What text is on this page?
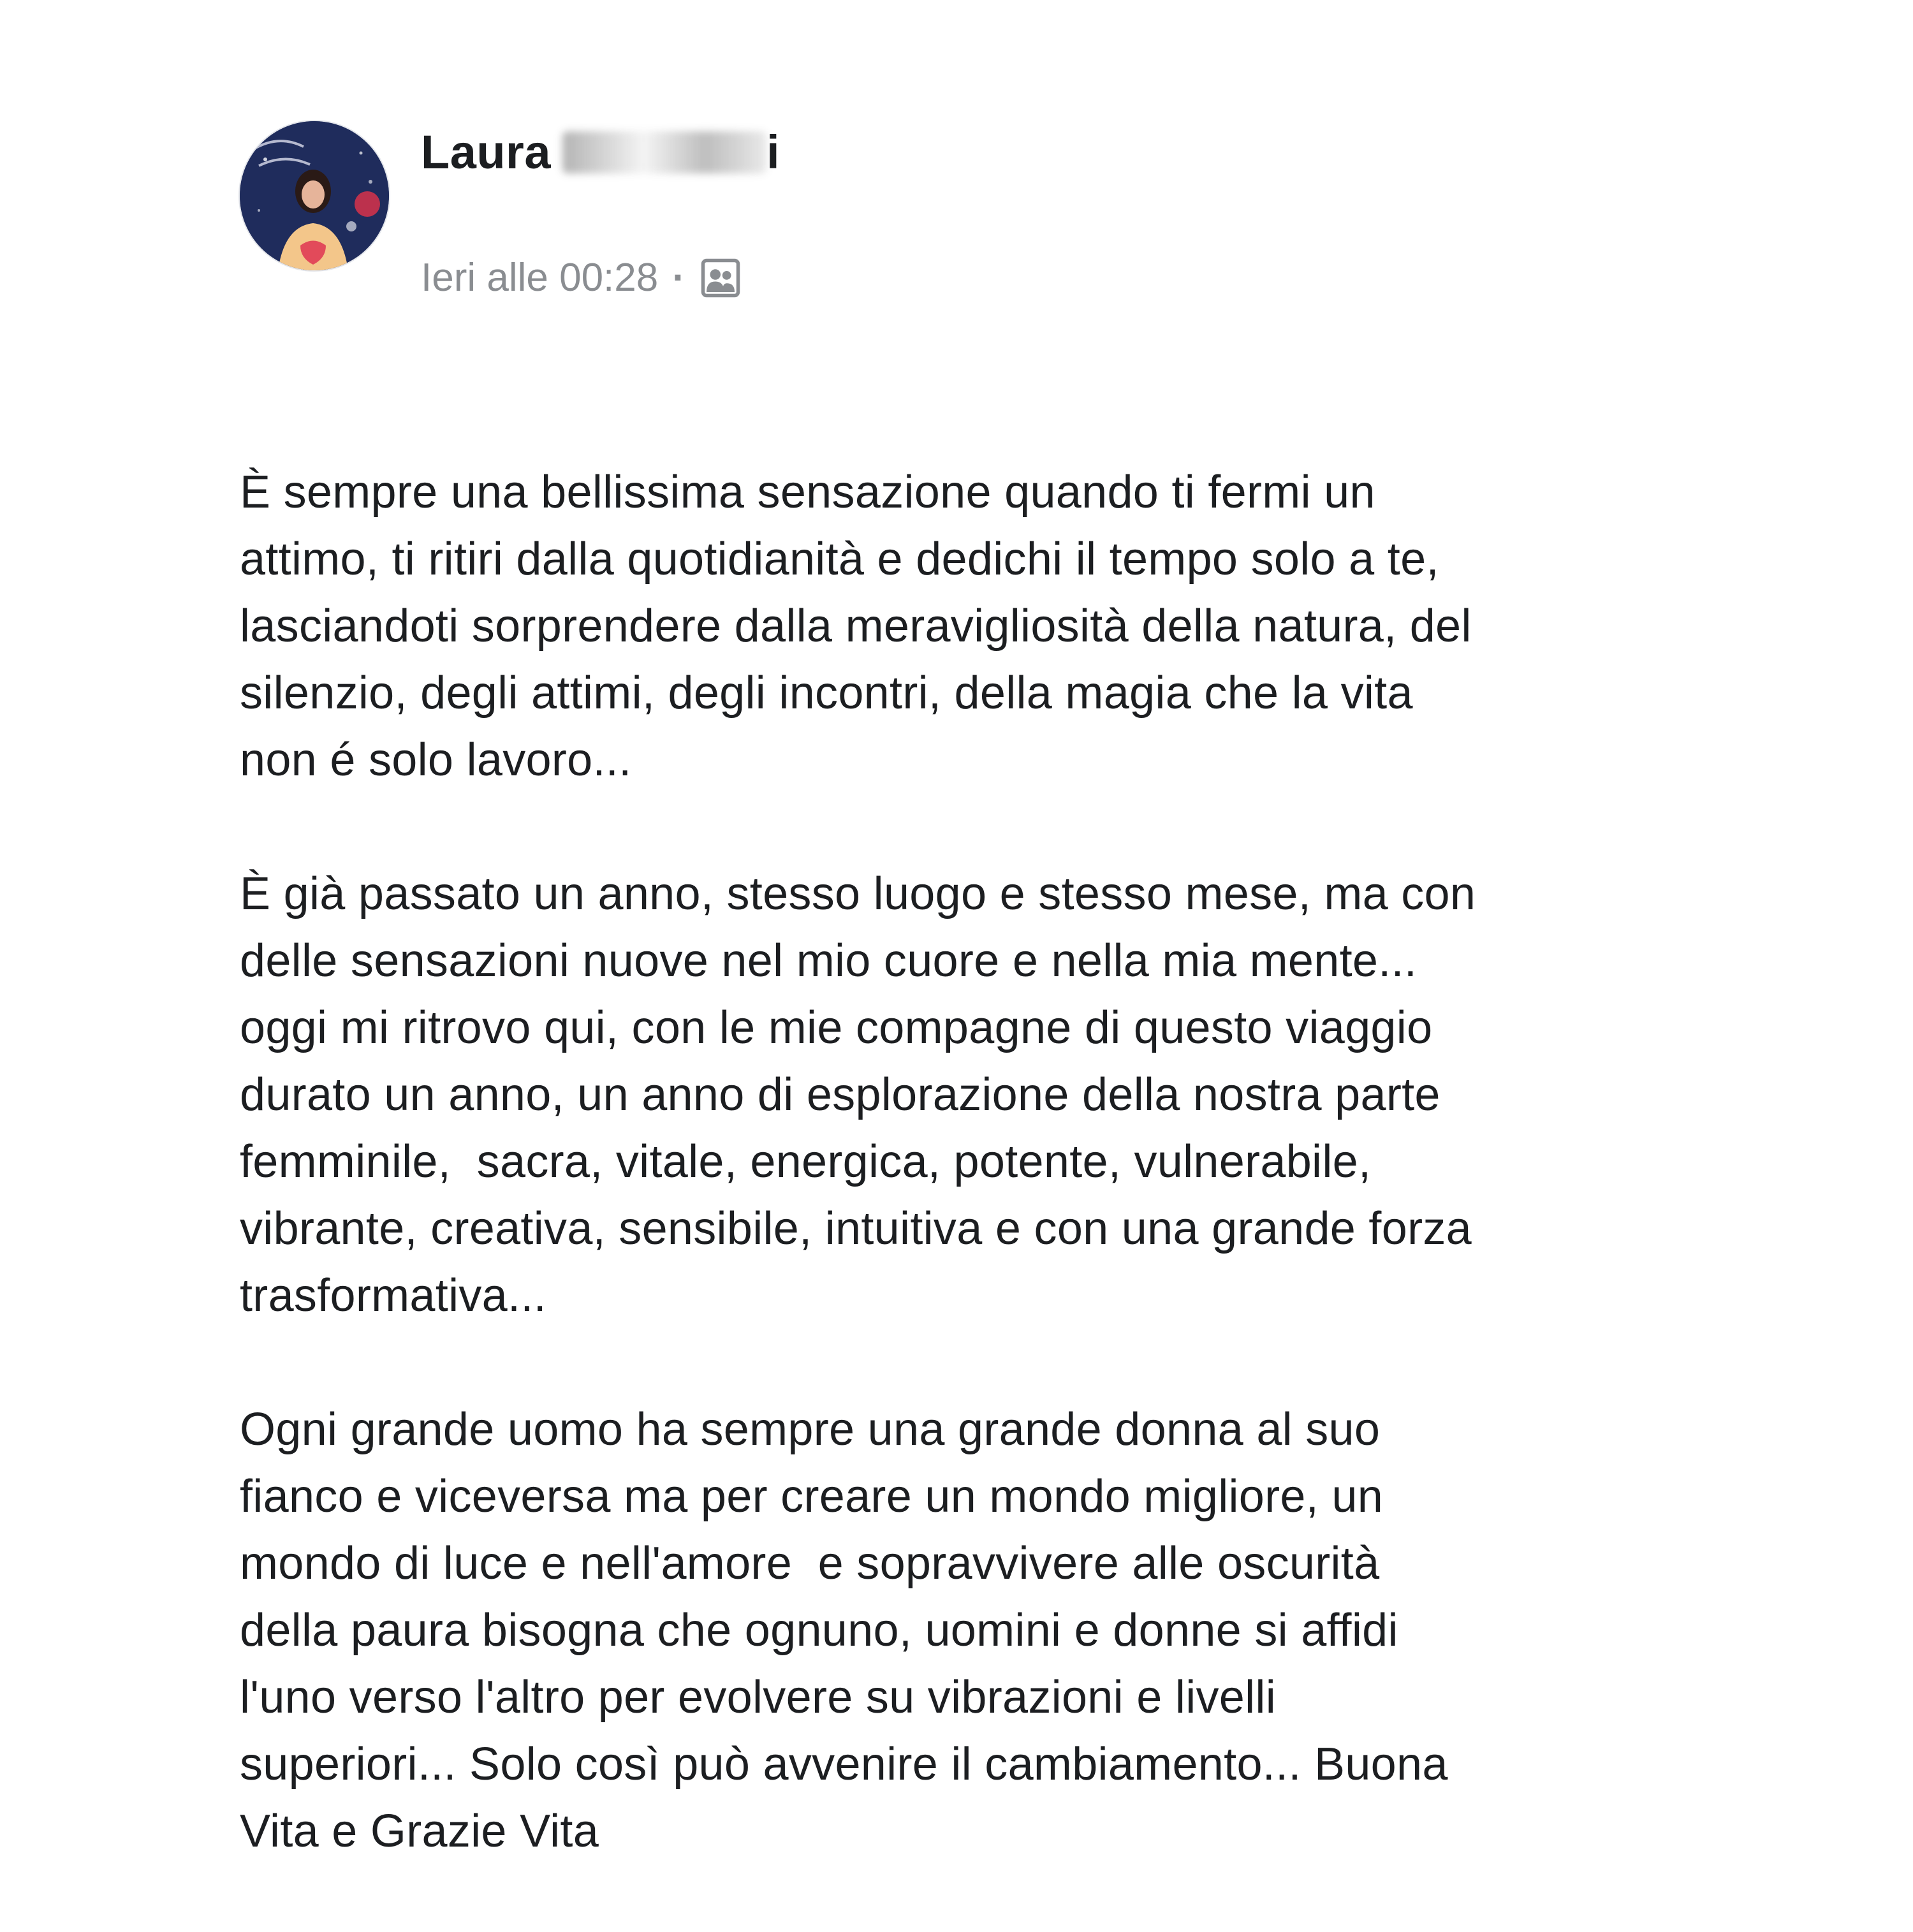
Laura	i
Ieri alle 00:28 ·

È sempre una bellissima sensazione quando ti fermi un
attimo, ti ritiri dalla quotidianità e dedichi il tempo solo a te,
lasciandoti sorprendere dalla meravigliosità della natura, del
silenzio, degli attimi, degli incontri, della magia che la vita
non é solo lavoro...

È già passato un anno, stesso luogo e stesso mese, ma con
delle sensazioni nuove nel mio cuore e nella mia mente...
oggi mi ritrovo qui, con le mie compagne di questo viaggio
durato un anno, un anno di esplorazione della nostra parte
femminile,  sacra, vitale, energica, potente, vulnerabile,
vibrante, creativa, sensibile, intuitiva e con una grande forza
trasformativa...

Ogni grande uomo ha sempre una grande donna al suo
fianco e viceversa ma per creare un mondo migliore, un
mondo di luce e nell'amore  e sopravvivere alle oscurità
della paura bisogna che ognuno, uomini e donne si affidi
l'uno verso l'altro per evolvere su vibrazioni e livelli
superiori... Solo così può avvenire il cambiamento... Buona
Vita e Grazie Vita
